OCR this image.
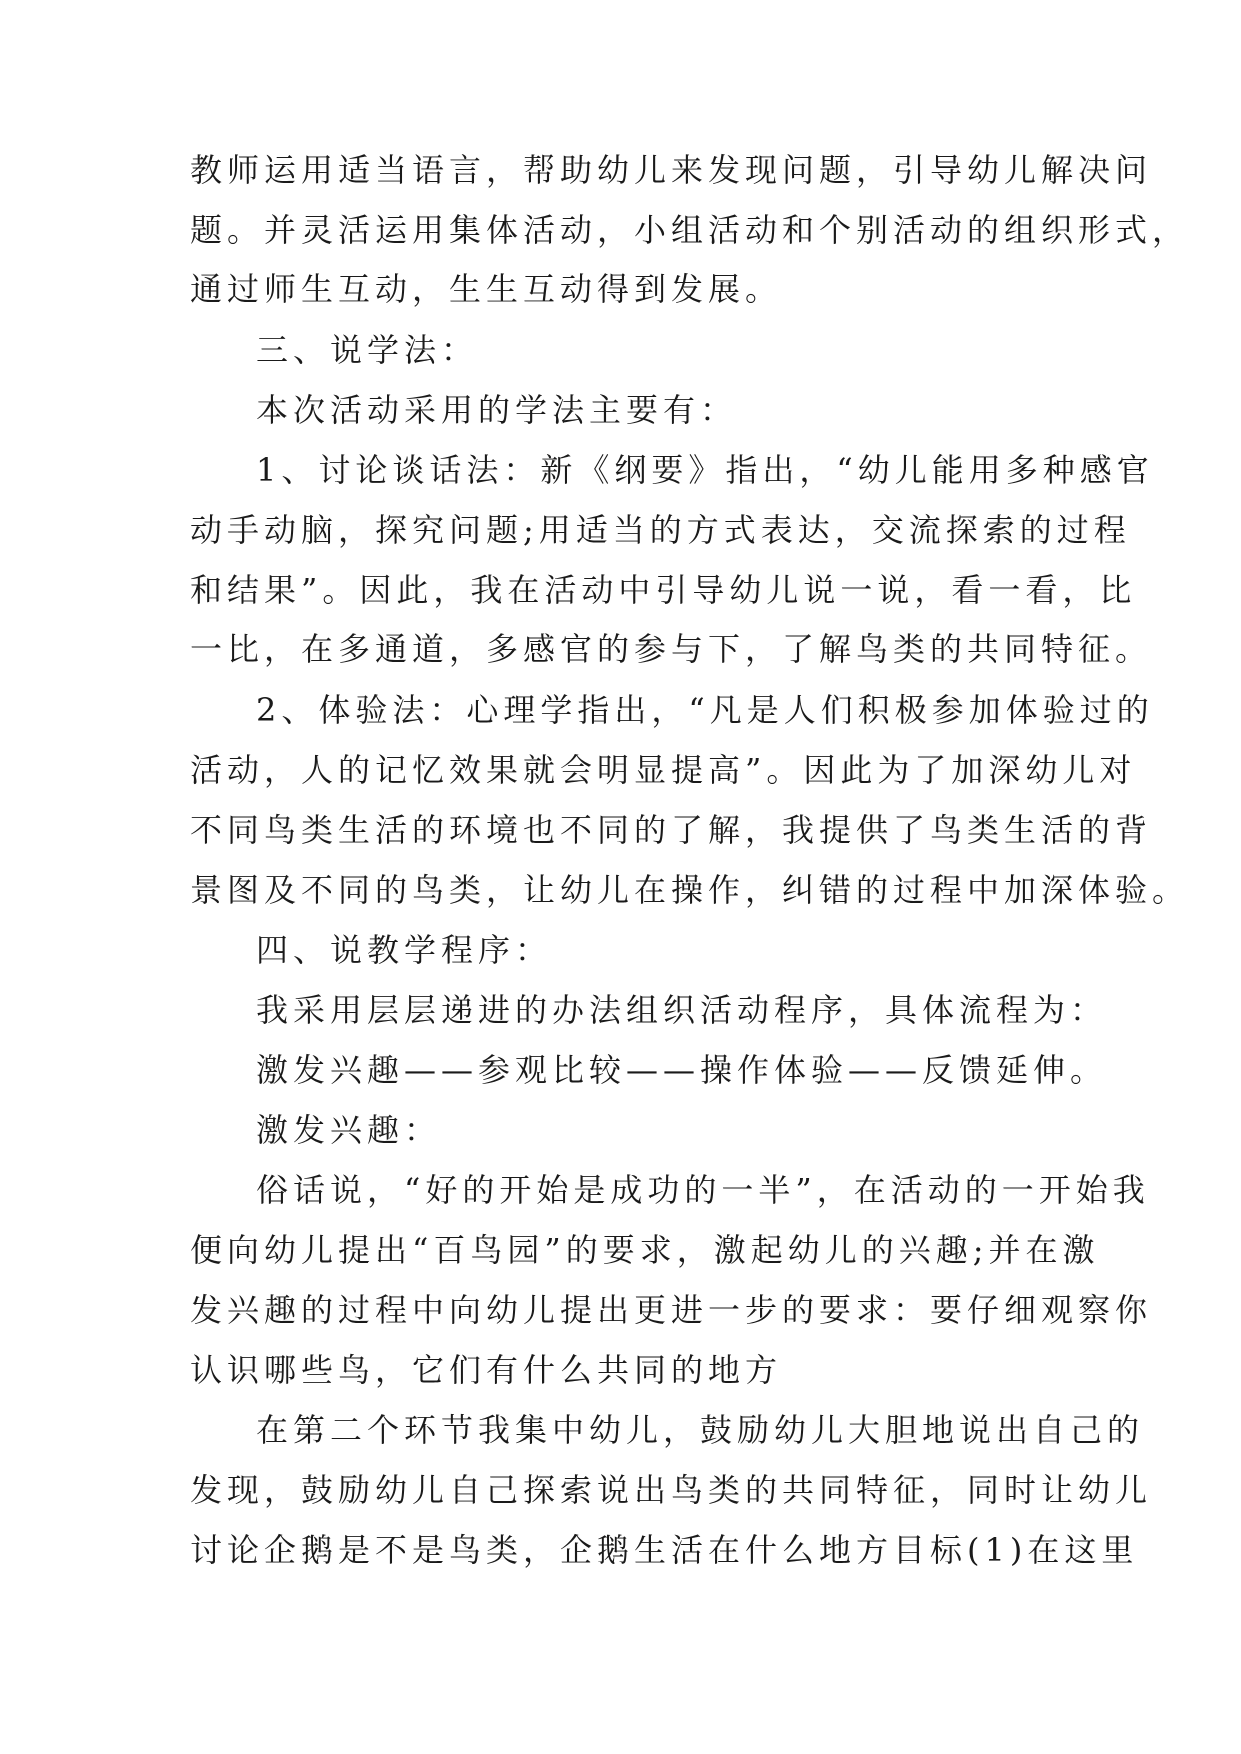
教师运用适当语言，帮助幼儿来发现问题，引导幼儿解决问
题。并灵活运用集体活动，小组活动和个别活动的组织形式，
通过师生互动，生生互动得到发展。
三、说学法：
本次活动采用的学法主要有：
1、讨论谈话法：新《纲要》指出，“幼儿能用多种感官
动手动脑，探究问题;用适当的方式表达，交流探索的过程
和结果”。因此，我在活动中引导幼儿说一说，看一看，比
一比，在多通道，多感官的参与下，了解鸟类的共同特征。
2、体验法：心理学指出，“凡是人们积极参加体验过的
活动，人的记忆效果就会明显提高”。因此为了加深幼儿对
不同鸟类生活的环境也不同的了解，我提供了鸟类生活的背
景图及不同的鸟类，让幼儿在操作，纠错的过程中加深体验。
四、说教学程序：
我采用层层递进的办法组织活动程序，具体流程为：
激发兴趣——参观比较——操作体验——反馈延伸。
激发兴趣：
俗话说，“好的开始是成功的一半”，在活动的一开始我
便向幼儿提出“百鸟园”的要求，激起幼儿的兴趣;并在激
发兴趣的过程中向幼儿提出更进一步的要求：要仔细观察你
认识哪些鸟，它们有什么共同的地方
在第二个环节我集中幼儿，鼓励幼儿大胆地说出自己的
发现，鼓励幼儿自己探索说出鸟类的共同特征，同时让幼儿
讨论企鹅是不是鸟类，企鹅生活在什么地方目标(1)在这里
